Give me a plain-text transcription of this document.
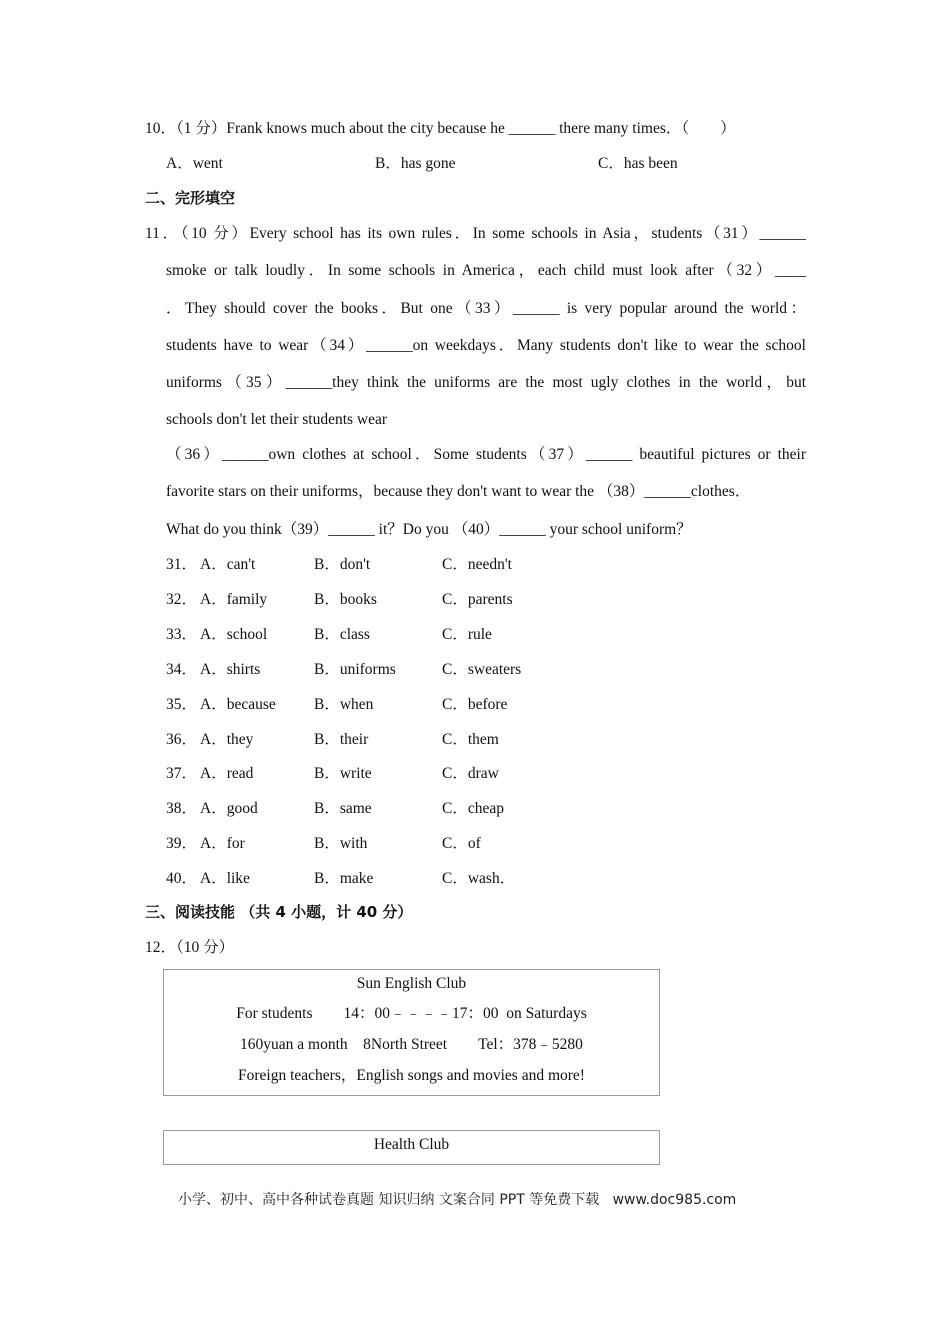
10．（1 分）Frank knows much about the city because he ______ there many times．（　　）
A．went	B．has gone	C．has been
二、完形填空
11．（10 分）Every school has its own rules．In some schools in Asia，students（31）______
smoke or talk loudly．In some schools in America，each child must look after（32）____
．They should cover the books．But one（33）______ is very popular around the world：
students have to wear（34）______on weekdays．Many students don't like to wear the school
uniforms（35）______they think the uniforms are the most ugly clothes in the world，but
schools don't let their students wear
（36）______own clothes at school．Some students（37）______ beautiful pictures or their
favorite stars on their uniforms，because they don't want to wear the （38）______clothes．
What do you think（39）______ it？Do you （40）______ your school uniform？
31． A．can't	B．don't	C．needn't
32． A．family	B．books	C．parents
33． A．school	B．class	C．rule
34． A．shirts	B．uniforms	C．sweaters
35． A．because B．when	C．before
36． A．they	B．their	C．them
37． A．read	B．write	C．draw
38． A．good	B．same	C．cheap
39． A．for	B．with	C．of
40． A．like	B．make	C．wash．
三、阅读技能 （共 4 小题，计 40 分）
12．（10 分）
Sun English Club
For students　　14：00﹣﹣﹣﹣17：00  on Saturdays
160yuan a month　8North Street　　Tel：378﹣5280
Foreign teachers，English songs and movies and more!
Health Club
小学、初中、高中各种试卷真题 知识归纳 文案合同 PPT 等免费下载   www.doc985.com
